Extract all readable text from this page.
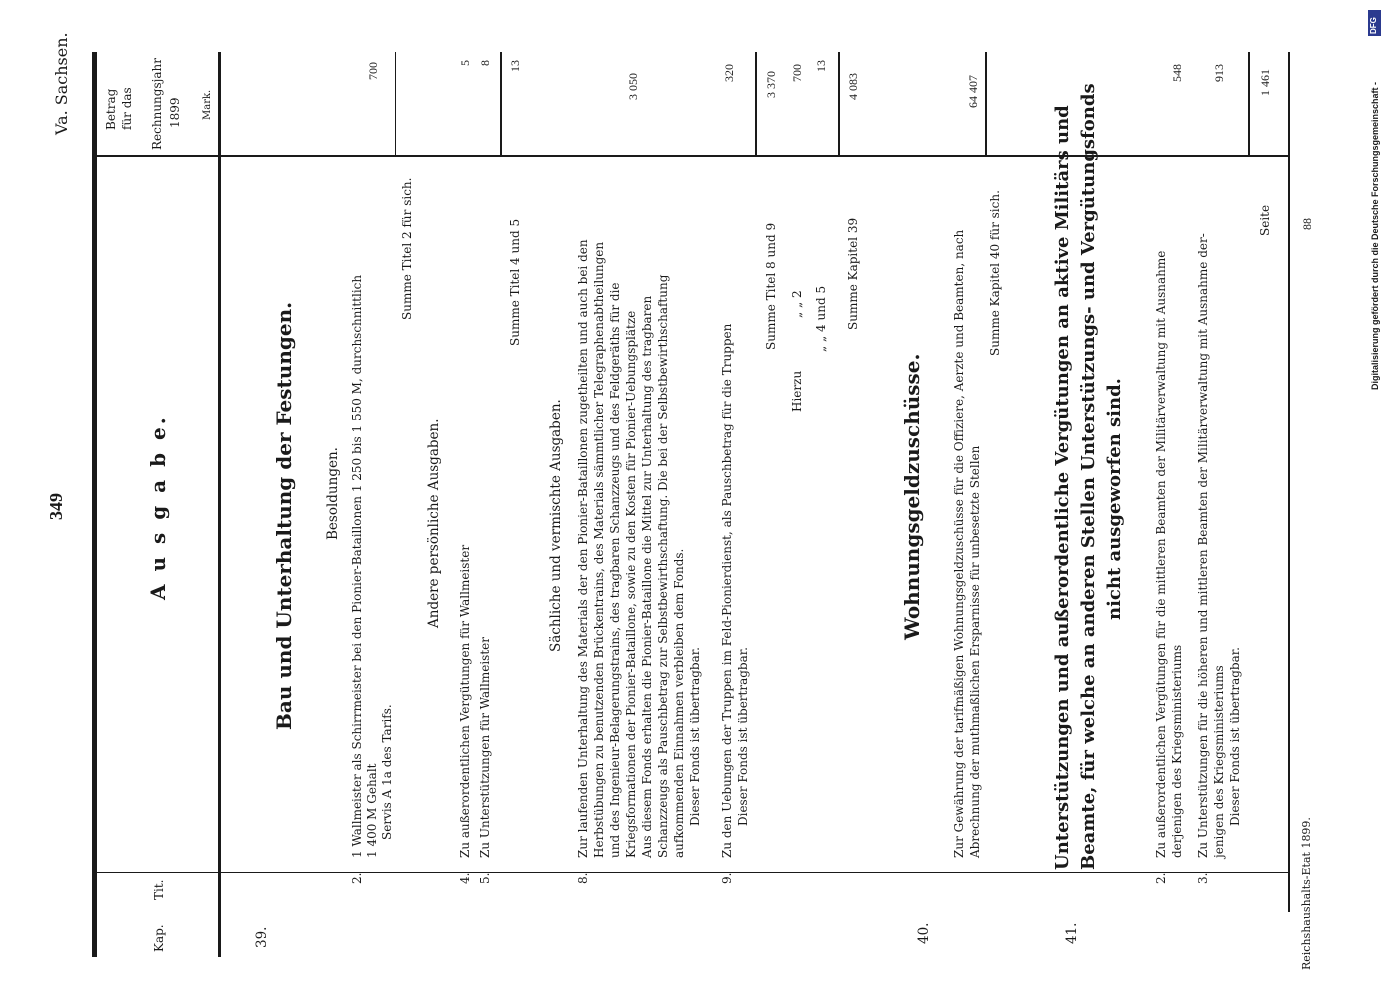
Va. Sachsen.
349
Kap.
Tit.
Betrag für das Rechnungsjahr 1899 Mark.
A u s g a b e.
39.
Bau und Unterhaltung der Festungen. Besoldungen.
2.
1 Wallmeister als Schirrmeister bei den Pionier-Bataillonen 1 250 bis 1 550 M, durchschnittlich 1 400 M Gehalt Servis A 1a des Tarifs.
700
Summe Titel 2 für sich.
Andere persönliche Ausgaben.
4.
Zu außerordentlichen Vergütungen für Wallmeister
5
5.
Zu Unterstützungen für Wallmeister
8
Summe Titel 4 und 5
13
Sächliche und vermischte Ausgaben.
8.
Zur laufenden Unterhaltung des Materials der den Pionier-Bataillonen zugetheilten und auch bei den Herbstübungen zu benutzenden Brückentrains, des Materials sämmtlicher Telegraphenabtheilungen und des Ingenieur-Belagerungstrains, des tragbaren Schanzzeugs und des Feldgeräths für die Kriegsformationen der Pionier-Bataillone, sowie zu den Kosten für Pionier-Uebungsplätze Aus diesem Fonds erhalten die Pionier-Bataillone die Mittel zur Unterhaltung des tragbaren Schanzzeugs als Pauschbetrag zur Selbstbewirthschaftung. Die bei der Selbstbewirthschaftung aufkommenden Einnahmen verbleiben dem Fonds. Dieser Fonds ist übertragbar.
3 050
9.
Zu den Uebungen der Truppen im Feld-Pionierdienst, als Pauschbetrag für die Truppen Dieser Fonds ist übertragbar.
320
Summe Titel 8 und 9
3 370
Hierzu
„ „ 2
700
„ „ 4 und 5
13
Summe Kapitel 39
4 083
40.
Wohnungsgeldzuschüsse. Zur Gewährung der tarifmäßigen Wohnungsgeldzuschüsse für die Offiziere, Aerzte und Beamten, nach Abrechnung der muthmaßlichen Ersparnisse für unbesetzte Stellen
64 407
Summe Kapitel 40 für sich.
41.
Unterstützungen und außerordentliche Vergütungen an aktive Militärs und Beamte, für welche an anderen Stellen Unterstützungs- und Vergütungsfonds nicht ausgeworfen sind.
2.
Zu außerordentlichen Vergütungen für die mittleren Beamten der Militärverwaltung mit Ausnahme derjenigen des Kriegsministeriums
548
3.
Zu Unterstützungen für die höheren und mittleren Beamten der Militärverwaltung mit Ausnahme der- jenigen des Kriegsministeriums Dieser Fonds ist übertragbar.
913
Seite
1 461
Reichshaushalts-Etat 1899.
88
DFG
Digitalisierung gefördert durch die Deutsche Forschungsgemeinschaft -
